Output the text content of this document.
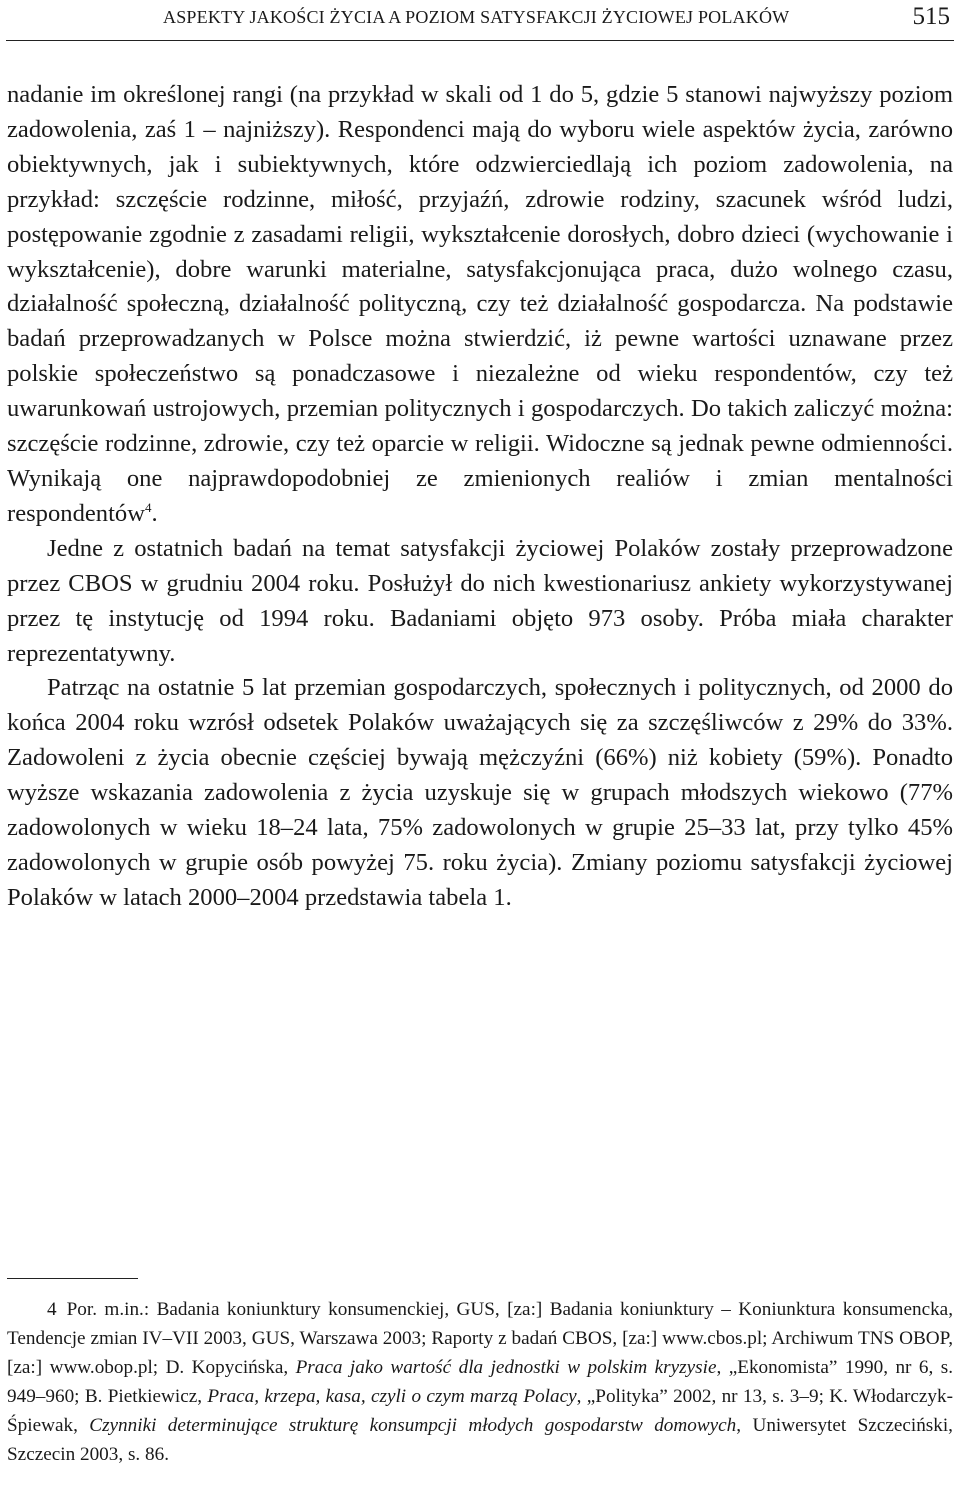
ASPEKTY JAKOŚCI ŻYCIA A POZIOM SATYSFAKCJI ŻYCIOWEJ POLAKÓW	515

nadanie im określonej rangi (na przykład w skali od 1 do 5, gdzie 5 stanowi najwyższy poziom zadowolenia, zaś 1 – najniższy). Respondenci mają do wyboru wiele aspektów życia, zarówno obiektywnych, jak i subiektywnych, które odzwierciedlają ich poziom zadowolenia, na przykład: szczęście rodzinne, miłość, przyjaźń, zdrowie rodziny, szacunek wśród ludzi, postępowanie zgodnie z zasadami religii, wykształcenie dorosłych, dobro dzieci (wychowanie i wykształcenie), dobre warunki materialne, satysfakcjonująca praca, dużo wolnego czasu, działalność społeczną, działalność polityczną, czy też działalność gospodarcza. Na podstawie badań przeprowadzanych w Polsce można stwierdzić, iż pewne wartości uznawane przez polskie społeczeństwo są ponadczasowe i niezależne od wieku respondentów, czy też uwarunkowań ustrojowych, przemian politycznych i gospodarczych. Do takich zaliczyć można: szczęście rodzinne, zdrowie, czy też oparcie w religii. Widoczne są jednak pewne odmienności. Wynikają one najprawdopodobniej ze zmienionych realiów i zmian mentalności respondentów$^4$.

Jedne z ostatnich badań na temat satysfakcji życiowej Polaków zostały przeprowadzone przez CBOS w grudniu 2004 roku. Posłużył do nich kwestionariusz ankiety wykorzystywanej przez tę instytucję od 1994 roku. Badaniami objęto 973 osoby. Próba miała charakter reprezentatywny.

Patrząc na ostatnie 5 lat przemian gospodarczych, społecznych i politycznych, od 2000 do końca 2004 roku wzrósł odsetek Polaków uważających się za szczęśliwców z 29% do 33%. Zadowoleni z życia obecnie częściej bywają mężczyźni (66%) niż kobiety (59%). Ponadto wyższe wskazania zadowolenia z życia uzyskuje się w grupach młodszych wiekowo (77% zadowolonych w wieku 18–24 lata, 75% zadowolonych w grupie 25–33 lat, przy tylko 45% zadowolonych w grupie osób powyżej 75. roku życia). Zmiany poziomu satysfakcji życiowej Polaków w latach 2000–2004 przedstawia tabela 1.

4 Por. m.in.: Badania koniunktury konsumenckiej, GUS, [za:] Badania koniunktury – Koniunktura konsumencka, Tendencje zmian IV–VII 2003, GUS, Warszawa 2003; Raporty z badań CBOS, [za:] www.cbos.pl; Archiwum TNS OBOP, [za:] www.obop.pl; D. Kopycińska, Praca jako wartość dla jednostki w polskim kryzysie, „Ekonomista” 1990, nr 6, s. 949–960; B. Pietkiewicz, Praca, krzepa, kasa, czyli o czym marzą Polacy, „Polityka” 2002, nr 13, s. 3–9; K. Włodarczyk-Śpiewak, Czynniki determinujące strukturę konsumpcji młodych gospodarstw domowych, Uniwersytet Szczeciński, Szczecin 2003, s. 86.
